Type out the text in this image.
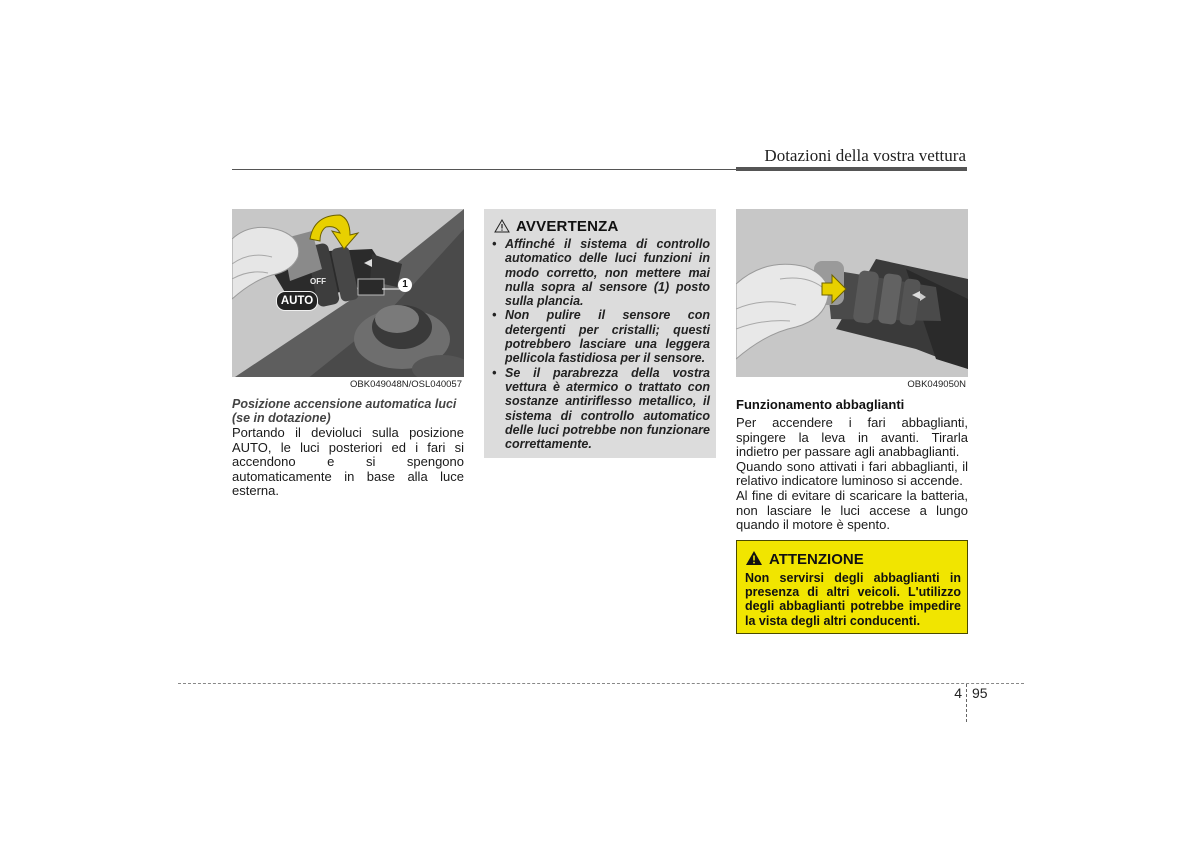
Dotazioni della vostra vettura
OFF
AUTO
1
OBK049048N/OSL040057
Posizione accensione automatica luci (se in dotazione)

Portando il devioluci sulla posizione AUTO, le luci posteriori ed i fari si accendono e si spengono automaticamente in base alla luce esterna.

AVVERTENZA
• Affinché il sistema di controllo automatico delle luci funzioni in modo corretto, non mettere mai nulla sopra al sensore (1) posto sulla plancia.
• Non pulire il sensore con detergenti per cristalli; questi potrebbero lasciare una leggera pellicola fastidiosa per il sensore.
• Se il parabrezza della vostra vettura è atermico o trattato con sostanze antiriflesso metallico, il sistema di controllo automatico delle luci potrebbe non funzionare correttamente.
OBK049050N
Funzionamento abbaglianti

Per accendere i fari abbaglianti, spingere la leva in avanti. Tirarla indietro per passare agli anabbaglianti.

Quando sono attivati i fari abbaglianti, il relativo indicatore luminoso si accende.

Al fine di evitare di scaricare la batteria, non lasciare le luci accese a lungo quando il motore è spento.

ATTENZIONE
Non servirsi degli abbaglianti in presenza di altri veicoli. L'utilizzo degli abbaglianti potrebbe impedire la vista degli altri conducenti.
4 95
